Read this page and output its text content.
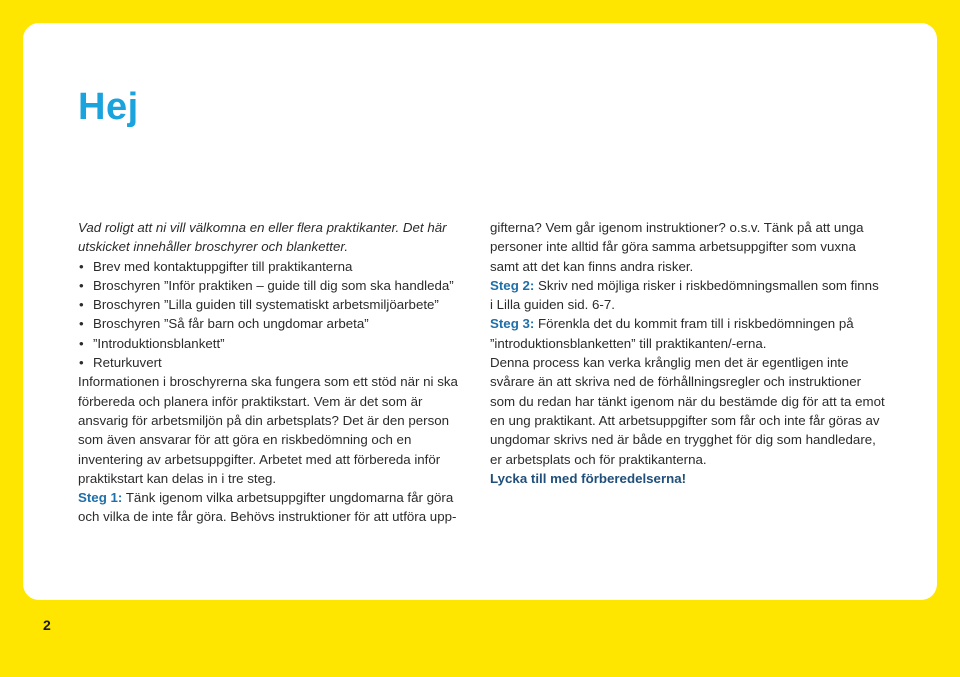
Hej

Vad roligt att ni vill välkomna en eller flera praktikanter. Det här utskicket innehåller broschyrer och blanketter.

• Brev med kontaktuppgifter till praktikanterna
• Broschyren ”Inför praktiken – guide till dig som ska handleda”
• Broschyren ”Lilla guiden till systematiskt arbetsmiljöarbete”
• Broschyren ”Så får barn och ungdomar arbeta”
• ”Introduktionsblankett”
• Returkuvert

Informationen i broschyrerna ska fungera som ett stöd när ni ska förbereda och planera inför praktikstart. Vem är det som är ansvarig för arbetsmiljön på din arbetsplats? Det är den person som även ansvarar för att göra en riskbedömning och en inventering av arbetsuppgifter. Arbetet med att förbereda inför praktikstart kan delas in i tre steg.

Steg 1: Tänk igenom vilka arbetsuppgifter ungdomarna får göra och vilka de inte får göra. Behövs instruktioner för att utföra upp-

gifterna? Vem går igenom instruktioner? o.s.v. Tänk på att unga personer inte alltid får göra samma arbetsuppgifter som vuxna samt att det kan finns andra risker.

Steg 2: Skriv ned möjliga risker i riskbedömningsmallen som finns i Lilla guiden sid. 6-7.

Steg 3: Förenkla det du kommit fram till i riskbedömningen på ”introduktionsblanketten” till praktikanten/-erna.

Denna process kan verka krånglig men det är egentligen inte svårare än att skriva ned de förhållningsregler och instruktioner som du redan har tänkt igenom när du bestämde dig för att ta emot en ung praktikant. Att arbetsuppgifter som får och inte får göras av ungdomar skrivs ned är både en trygghet för dig som handledare, er arbetsplats och för praktikanterna.

Lycka till med förberedelserna!

2
